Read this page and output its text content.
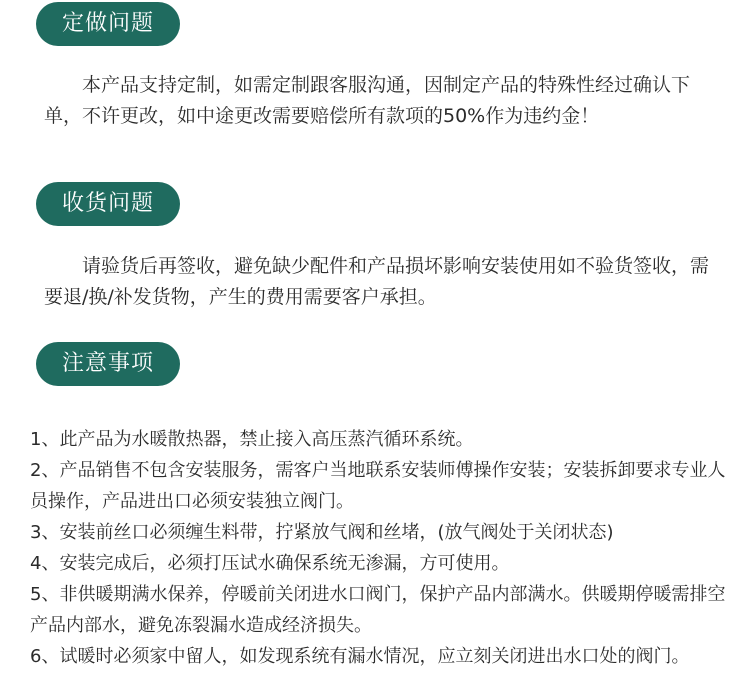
定做问题

本产品支持定制，如需定制跟客服沟通，因制定产品的特殊性经过确认下单，不许更改，如中途更改需要赔偿所有款项的50%作为违约金！

收货问题

请验货后再签收，避免缺少配件和产品损坏影响安装使用如不验货签收，需要退/换/补发货物，产生的费用需要客户承担。

注意事项
1、此产品为水暖散热器，禁止接入高压蒸汽循环系统。
2、产品销售不包含安装服务，需客户当地联系安装师傅操作安装；安装拆卸要求专业人员操作，产品进出口必须安装独立阀门。
3、安装前丝口必须缠生料带，拧紧放气阀和丝堵，(放气阀处于关闭状态)
4、安装完成后，必须打压试水确保系统无渗漏，方可使用。
5、非供暖期满水保养，停暖前关闭进水口阀门，保护产品内部满水。供暖期停暖需排空产品内部水，避免冻裂漏水造成经济损失。
6、试暖时必须家中留人，如发现系统有漏水情况，应立刻关闭进出水口处的阀门。
